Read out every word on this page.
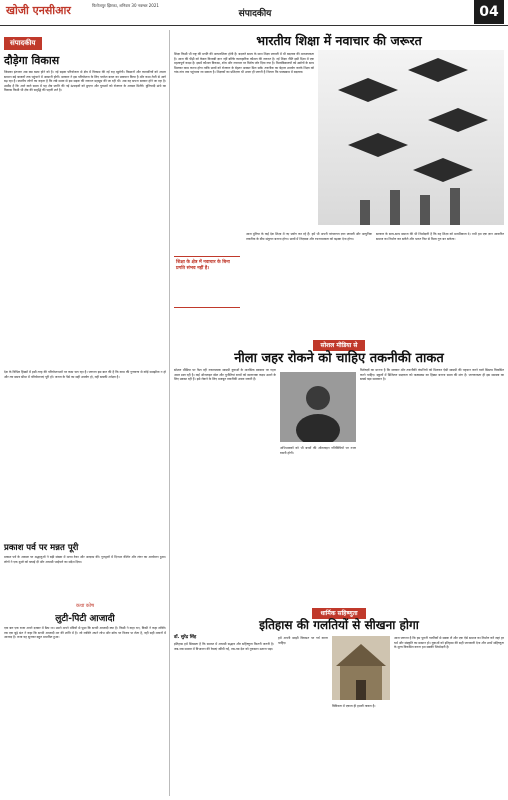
खोजी एनसीआर	फिरोजपुर झिरका, शनिवार 30 नवम्बर 2021
संपादकीय	04
संपादकीय
दौड़ेगा विकास
जिसका इंतजार अब बस खत्म होने को है। नई सड़क परियोजना से क्षेत्र में विकास की नई राह खुलेगी। किसानों और व्यापारियों को अपना सामान बड़े बाजारों तक पहुंचाने में आसानी होगी। सरकार ने इस परियोजना के लिए पर्याप्त बजट का प्रावधान किया है और काम तेजी से आगे बढ़ रहा है। स्थानीय लोगों का कहना है कि लंबे समय से इस सड़क की जरूरत महसूस की जा रही थी। अब यह सपना साकार होने जा रहा है। उम्मीद है कि आने वाले समय में यह क्षेत्र प्रगति की नई ऊंचाइयों को छुएगा और युवाओं को रोजगार के अवसर मिलेंगे। बुनियादी ढांचे का विकास किसी भी क्षेत्र की समृद्धि की पहली शर्त है।
देश के विभिन्न हिस्सों में इसी तरह की परियोजनाओं पर काम चल रहा है। जरूरत इस बात की है कि काम की गुणवत्ता से कोई समझौता न हो और तय समय सीमा में परियोजनाएं पूरी हों। जनता के पैसे का सही उपयोग हो, यही सबकी अपेक्षा है।
प्रकाश पर्व पर मन्नत पूरी
प्रकाश पर्व के अवसर पर श्रद्धालुओं ने बड़ी संख्या में मत्था टेका और अरदास की। गुरुद्वारों में दिनभर कीर्तन और लंगर का आयोजन हुआ। लोगों ने एक दूसरे को बधाई दी और आपसी भाईचारे का संदेश दिया।
कथा कोष
लुटी-पिटी आजादी
एक बार एक राजा अपने दरबार में बैठा था। उसने अपने मंत्रियों से पूछा कि सच्ची आजादी क्या है। किसी ने कहा धन, किसी ने कहा शक्ति। तब एक बूढ़े संत ने कहा कि सच्ची आजादी मन की शांति में है। जो व्यक्ति अपने लोभ और क्रोध पर विजय पा लेता है, वही सही मायनों में आजाद है। राजा यह सुनकर बहुत प्रभावित हुआ।
भारतीय शिक्षा में नवाचार की जरूरत
शिक्षा किसी भी राष्ट्र की प्रगति की आधारशिला होती है। बदलते समय के साथ शिक्षा प्रणाली में भी बदलाव की आवश्यकता है। आज की पीढ़ी को केवल किताबी ज्ञान नहीं बल्कि व्यावहारिक कौशल की जरूरत है। नई शिक्षा नीति इसी दिशा में एक महत्वपूर्ण कदम है। इसमें कौशल विकास, शोध और नवाचार पर विशेष जोर दिया गया है। विश्वविद्यालयों को उद्योगों के साथ मिलकर काम करना होगा ताकि छात्रों को रोजगार के बेहतर अवसर मिल सकें। तकनीक का बेहतर उपयोग करके शिक्षा को गांव-गांव तक पहुंचाया जा सकता है। शिक्षकों का प्रशिक्षण भी उतना ही जरूरी है जितना कि पाठ्यक्रम में बदलाव।
शिक्षा के क्षेत्र में नवाचार के बिना प्रगति संभव नहीं है।
आज दुनिया के कई देश शिक्षा में नए प्रयोग कर रहे हैं। हमें भी अपनी परंपरागत ज्ञान प्रणाली और आधुनिक तकनीक के बीच संतुलन बनाना होगा। छात्रों में जिज्ञासा और रचनात्मकता को बढ़ावा देना होगा।
सरकार के साथ-साथ समाज की भी जिम्मेदारी है कि वह शिक्षा को प्राथमिकता दे। तभी हम एक ज्ञान आधारित समाज का निर्माण कर सकेंगे और भारत फिर से विश्व गुरु बन सकेगा।
सोशल मीडिया से
नीला जहर रोकने को चाहिए तकनीकी ताकत
सोशल मीडिया पर फैल रही नकारात्मक सामग्री युवाओं के मानसिक स्वास्थ्य पर गहरा असर डाल रही है। कई ऑनलाइन खेल और चुनौतियां बच्चों को खतरनाक कदम उठाने के लिए उकसा रही हैं। इसे रोकने के लिए मजबूत तकनीकी उपाय जरूरी हैं।
अभिभावकों को भी बच्चों की ऑनलाइन गतिविधियों पर नजर रखनी होगी।
विशेषज्ञों का मानना है कि सरकार और तकनीकी कंपनियों को मिलकर ऐसी सामग्री की पहचान करने वाले सिस्टम विकसित करने चाहिए। स्कूलों में डिजिटल साक्षरता को पाठ्यक्रम का हिस्सा बनाना समय की मांग है। जागरूकता ही इस समस्या का सबसे बड़ा समाधान है।
धार्मिक सहिष्णुता
इतिहास की गलतियों से सीखना होगा
डॉ. सुरेंद्र सिंह
इतिहास हमें सिखाता है कि समाज में आपसी सद्भाव और सहिष्णुता कितनी जरूरी है। जब-जब समाज में विभाजन की रेखाएं खींची गईं, तब-तब देश को नुकसान उठाना पड़ा।
हमें अपनी साझी विरासत पर गर्व करना चाहिए।
विविधता में एकता ही हमारी ताकत है।
आज जरूरत है कि हम पुरानी गलतियों से सबक लें और एक ऐसे समाज का निर्माण करें जहां हर धर्म और संस्कृति का सम्मान हो। युवाओं को इतिहास की सही जानकारी देना और उनमें सहिष्णुता के मूल्य विकसित करना हम सबकी जिम्मेदारी है।
